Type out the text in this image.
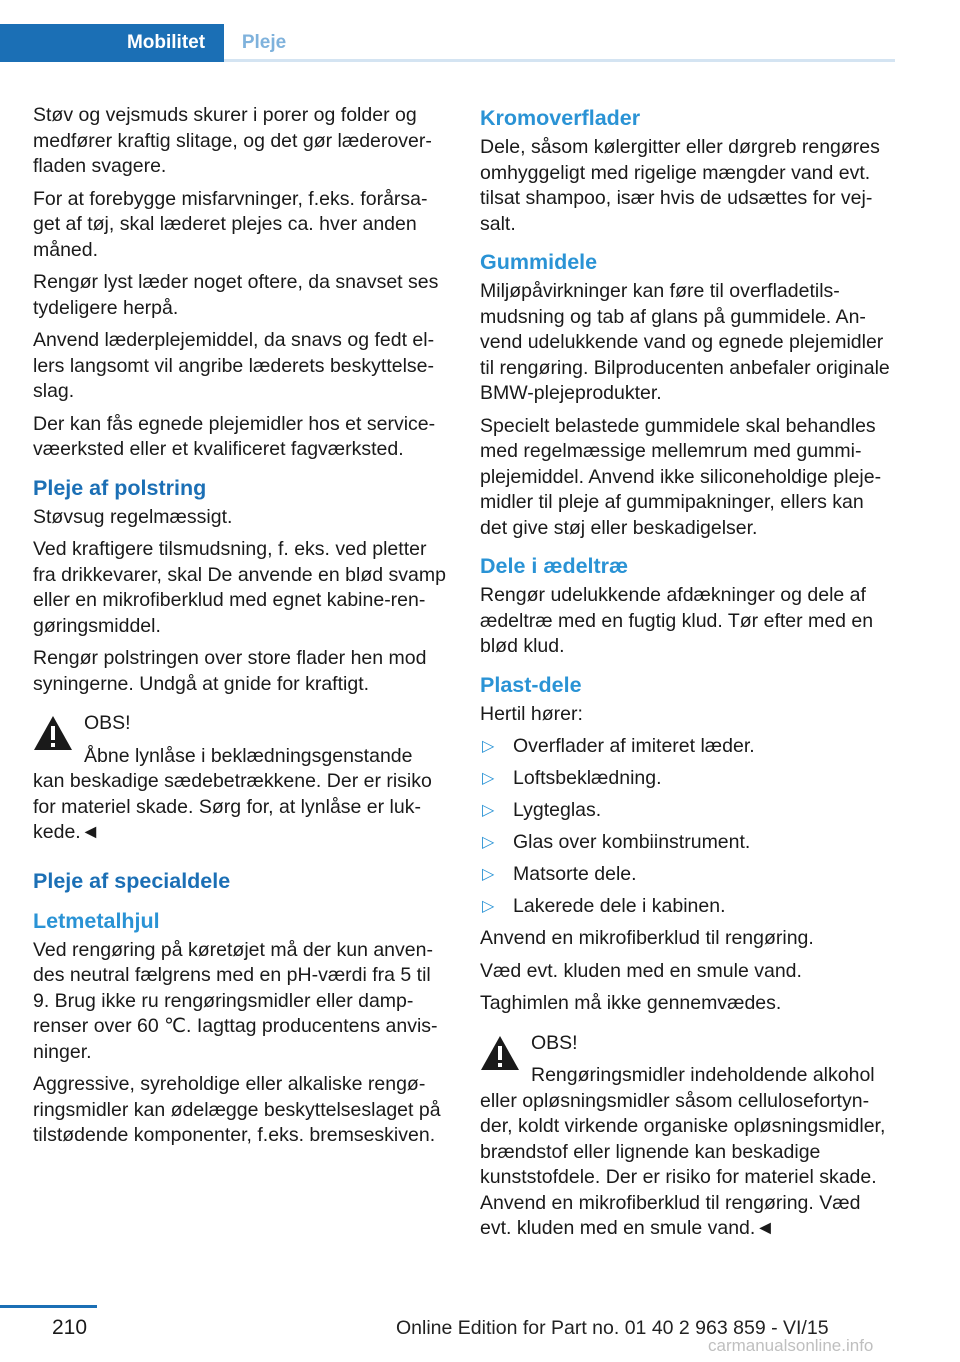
Mobilitet	Pleje

Støv og vejsmuds skurer i porer og folder og medfører kraftig slitage, og det gør læderoverfladen svagere.

For at forebygge misfarvninger, f.eks. forårsaget af tøj, skal læderet plejes ca. hver anden måned.

Rengør lyst læder noget oftere, da snavset ses tydeligere herpå.

Anvend læderplejemiddel, da snavs og fedt ellers langsomt vil angribe læderets beskyttelseslag.

Der kan fås egnede plejemidler hos et servicevæerksted eller et kvalificeret fagværksted.

Pleje af polstring

Støvsug regelmæssigt.

Ved kraftigere tilsmudsning, f. eks. ved pletter fra drikkevarer, skal De anvende en blød svamp eller en mikrofiberklud med egnet kabine-rengøringsmiddel.

Rengør polstringen over store flader hen mod syningerne. Undgå at gnide for kraftigt.

OBS!

Åbne lynlåse i beklædningsgenstande

kan beskadige sædebetrækkene. Der er risiko for materiel skade. Sørg for, at lynlåse er lukkede.◄

Pleje af specialdele
Letmetalhjul

Ved rengøring på køretøjet må der kun anvendes neutral fælgrens med en pH-værdi fra 5 til 9. Brug ikke ru rengøringsmidler eller damprenser over 60 ℃. Iagttag producentens anvisninger.

Aggressive, syreholdige eller alkaliske rengøringsmidler kan ødelægge beskyttelseslaget på tilstødende komponenter, f.eks. bremseskiven.

Kromoverflader

Dele, såsom kølergitter eller dørgreb rengøres omhyggeligt med rigelige mængder vand evt. tilsat shampoo, især hvis de udsættes for vejsalt.

Gummidele

Miljøpåvirkninger kan føre til overfladetilsmudsning og tab af glans på gummidele. Anvend udelukkende vand og egnede plejemidler til rengøring. Bilproducenten anbefaler originale BMW-plejeprodukter.

Specielt belastede gummidele skal behandles med regelmæssige mellemrum med gummiplejemiddel. Anvend ikke siliconeholdige plejemidler til pleje af gummipakninger, ellers kan det give støj eller beskadigelser.

Dele i ædeltræ

Rengør udelukkende afdækninger og dele af ædeltræ med en fugtig klud. Tør efter med en blød klud.

Plast-dele

Hertil hører:

▷ Overflader af imiteret læder.
▷ Loftsbeklædning.
▷ Lygteglas.
▷ Glas over kombiinstrument.
▷ Matsorte dele.
▷ Lakerede dele i kabinen.

Anvend en mikrofiberklud til rengøring.

Væd evt. kluden med en smule vand.

Taghimlen må ikke gennemvædes.

OBS!

Rengøringsmidler indeholdende alkohol

eller opløsningsmidler såsom cellulosefortynder, koldt virkende organiske opløsningsmidler, brændstof eller lignende kan beskadige kunststofdele. Der er risiko for materiel skade. Anvend en mikrofiberklud til rengøring. Væd evt. kluden med en smule vand.◄

210	Online Edition for Part no. 01 40 2 963 859 - VI/15
carmanualsonline.info
